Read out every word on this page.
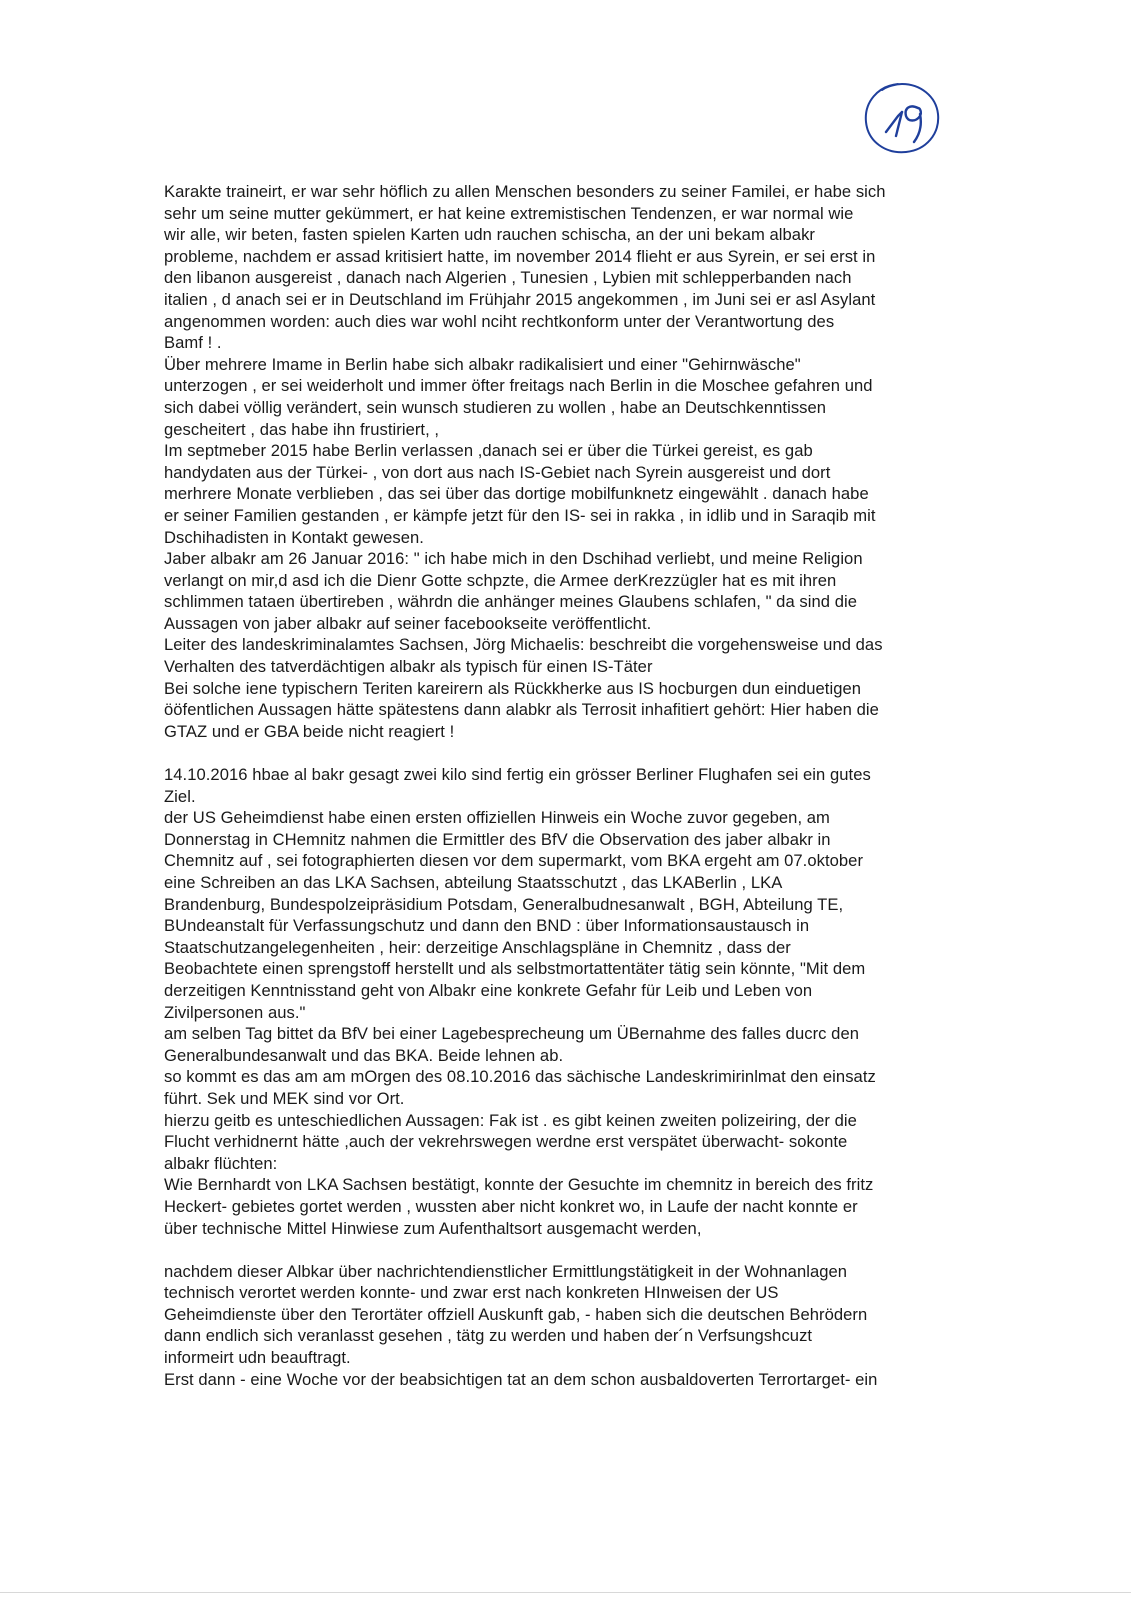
Karakte traineirt, er war sehr höflich zu allen Menschen besonders zu seiner Familei, er habe sich
sehr um seine mutter gekümmert, er hat keine extremistischen Tendenzen, er war normal wie
wir alle, wir beten, fasten spielen Karten udn rauchen schischa, an der uni bekam albakr
probleme, nachdem er assad kritisiert hatte, im november 2014 flieht er aus Syrein, er sei erst in
den libanon ausgereist , danach nach Algerien , Tunesien , Lybien mit schlepperbanden nach
italien , d anach sei er in Deutschland im Frühjahr 2015 angekommen , im Juni sei er asl Asylant
angenommen worden: auch dies war wohl nciht rechtkonform unter der Verantwortung des
Bamf ! .
Über mehrere Imame in Berlin habe sich albakr radikalisiert und einer "Gehirnwäsche"
unterzogen , er sei weiderholt und immer öfter freitags nach Berlin in die Moschee gefahren und
sich dabei völlig verändert, sein wunsch studieren zu wollen , habe an Deutschkenntissen
gescheitert , das habe ihn frustiriert, ,
Im septmeber 2015 habe Berlin verlassen ,danach sei er über die Türkei gereist, es gab
handydaten aus der Türkei- , von dort aus nach IS-Gebiet nach Syrein ausgereist und dort
merhrere Monate verblieben , das sei über das dortige mobilfunknetz eingewählt . danach habe
er seiner Familien gestanden , er kämpfe jetzt für den IS- sei in rakka , in idlib und in Saraqib mit
Dschihadisten in Kontakt gewesen.
Jaber albakr am 26 Januar 2016: " ich habe mich in den Dschihad verliebt, und meine Religion
verlangt on mir,d asd ich die Dienr Gotte schpzte, die Armee derKrezzügler hat es mit ihren
schlimmen tataen übertireben , währdn die anhänger meines Glaubens schlafen, " da sind die
Aussagen von jaber albakr auf seiner facebookseite veröffentlicht.
Leiter des landeskriminalamtes Sachsen, Jörg Michaelis: beschreibt die vorgehensweise und das
Verhalten des tatverdächtigen albakr als typisch für einen IS-Täter
Bei solche iene typischern Teriten kareirern als Rückkherke aus IS hocburgen dun einduetigen
ööfentlichen Aussagen hätte spätestens dann alabkr als Terrosit inhafitiert gehört: Hier haben die
GTAZ und er GBA beide nicht reagiert !
14.10.2016 hbae al bakr gesagt zwei kilo sind fertig ein grösser Berliner Flughafen sei ein gutes
Ziel.
der US Geheimdienst habe einen ersten offiziellen Hinweis ein Woche zuvor gegeben, am
Donnerstag in CHemnitz nahmen die Ermittler des BfV die Observation des jaber albakr in
Chemnitz auf , sei fotographierten diesen vor dem supermarkt, vom BKA ergeht am 07.oktober
eine Schreiben an das LKA Sachsen, abteilung Staatsschutzt , das LKABerlin , LKA
Brandenburg, Bundespolzeipräsidium Potsdam, Generalbudnesanwalt , BGH, Abteilung TE,
BUndeanstalt für Verfassungschutz und dann den BND : über Informationsaustausch in
Staatschutzangelegenheiten , heir: derzeitige Anschlagspläne in Chemnitz , dass der
Beobachtete einen sprengstoff herstellt und als selbstmortattentäter tätig sein könnte, "Mit dem
derzeitigen Kenntnisstand geht von Albakr eine konkrete Gefahr für Leib und Leben von
Zivilpersonen aus."
am selben Tag bittet da BfV bei einer Lagebesprecheung um ÜBernahme des falles ducrc den
Generalbundesanwalt und das BKA. Beide lehnen ab.
so kommt es das am am mOrgen des 08.10.2016 das sächische Landeskrimirinlmat den einsatz
führt. Sek und MEK sind vor Ort.
hierzu geitb es unteschiedlichen Aussagen: Fak ist . es gibt keinen zweiten polizeiring, der die
Flucht verhidnernt hätte ,auch der vekrehrswegen werdne erst verspätet überwacht- sokonte
albakr flüchten:
Wie Bernhardt von LKA Sachsen bestätigt, konnte der Gesuchte im chemnitz in bereich des fritz
Heckert- gebietes gortet werden , wussten aber nicht konkret wo, in Laufe der nacht konnte er
über technische Mittel Hinwiese zum Aufenthaltsort ausgemacht werden,
nachdem dieser Albkar über nachrichtendienstlicher Ermittlungstätigkeit in der Wohnanlagen
technisch verortet werden konnte- und zwar erst nach konkreten HInweisen der US
Geheimdienste über den Terortäter offziell Auskunft gab, - haben sich die deutschen Behrödern
dann endlich sich veranlasst gesehen , tätg zu werden und haben der´n Verfsungshcuzt
informeirt udn beauftragt.
Erst dann - eine Woche vor der beabsichtigen tat an dem schon ausbaldoverten Terrortarget- ein
